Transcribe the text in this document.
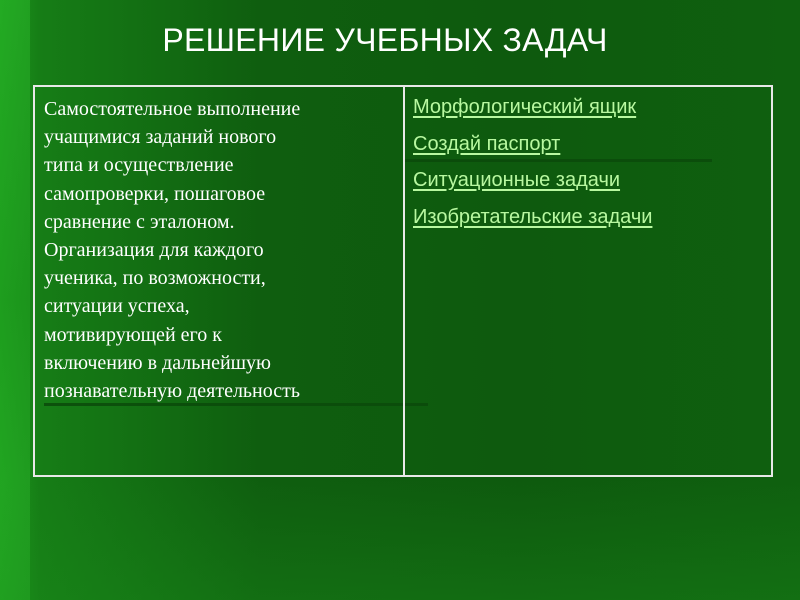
РЕШЕНИЕ УЧЕБНЫХ ЗАДАЧ

Самостоятельное выполнение
учащимися заданий нового
типа и осуществление
самопроверки, пошаговое
сравнение с эталоном.
Организация для каждого
ученика, по возможности,
ситуации успеха,
мотивирующей его к
включению в дальнейшую
познавательную деятельность

Морфологический ящик
Создай паспорт
Ситуационные задачи
Изобретательские задачи
